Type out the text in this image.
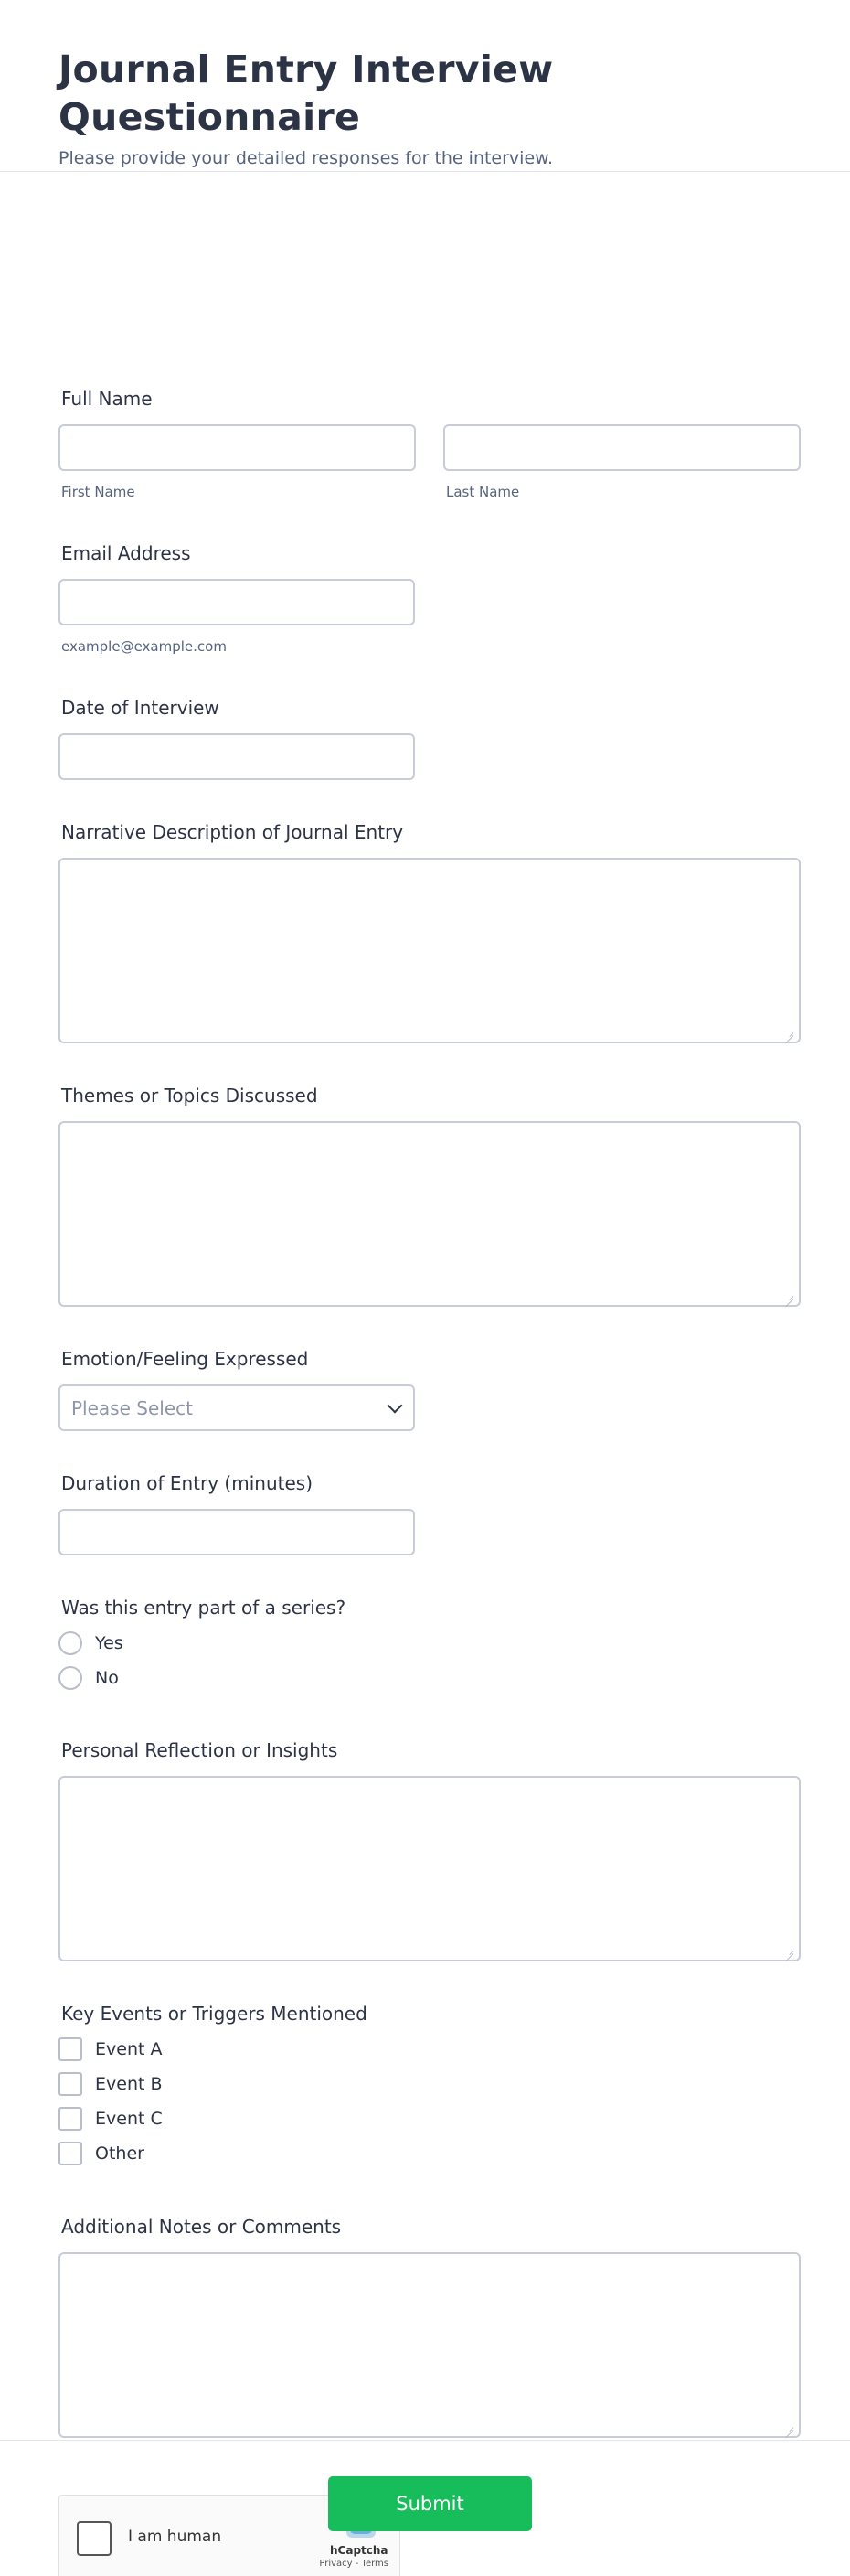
Journal Entry Interview Questionnaire
Please provide your detailed responses for the interview.
Full Name
First Name	Last Name
Email Address
example@example.com
Date of Interview
Narrative Description of Journal Entry
Themes or Topics Discussed
Emotion/Feeling Expressed
Please Select
Duration of Entry (minutes)
Was this entry part of a series?
Yes
No
Personal Reflection or Insights
Key Events or Triggers Mentioned
Event A
Event B
Event C
Other
Additional Notes or Comments
I am human
hCaptcha
Privacy - Terms
Submit
